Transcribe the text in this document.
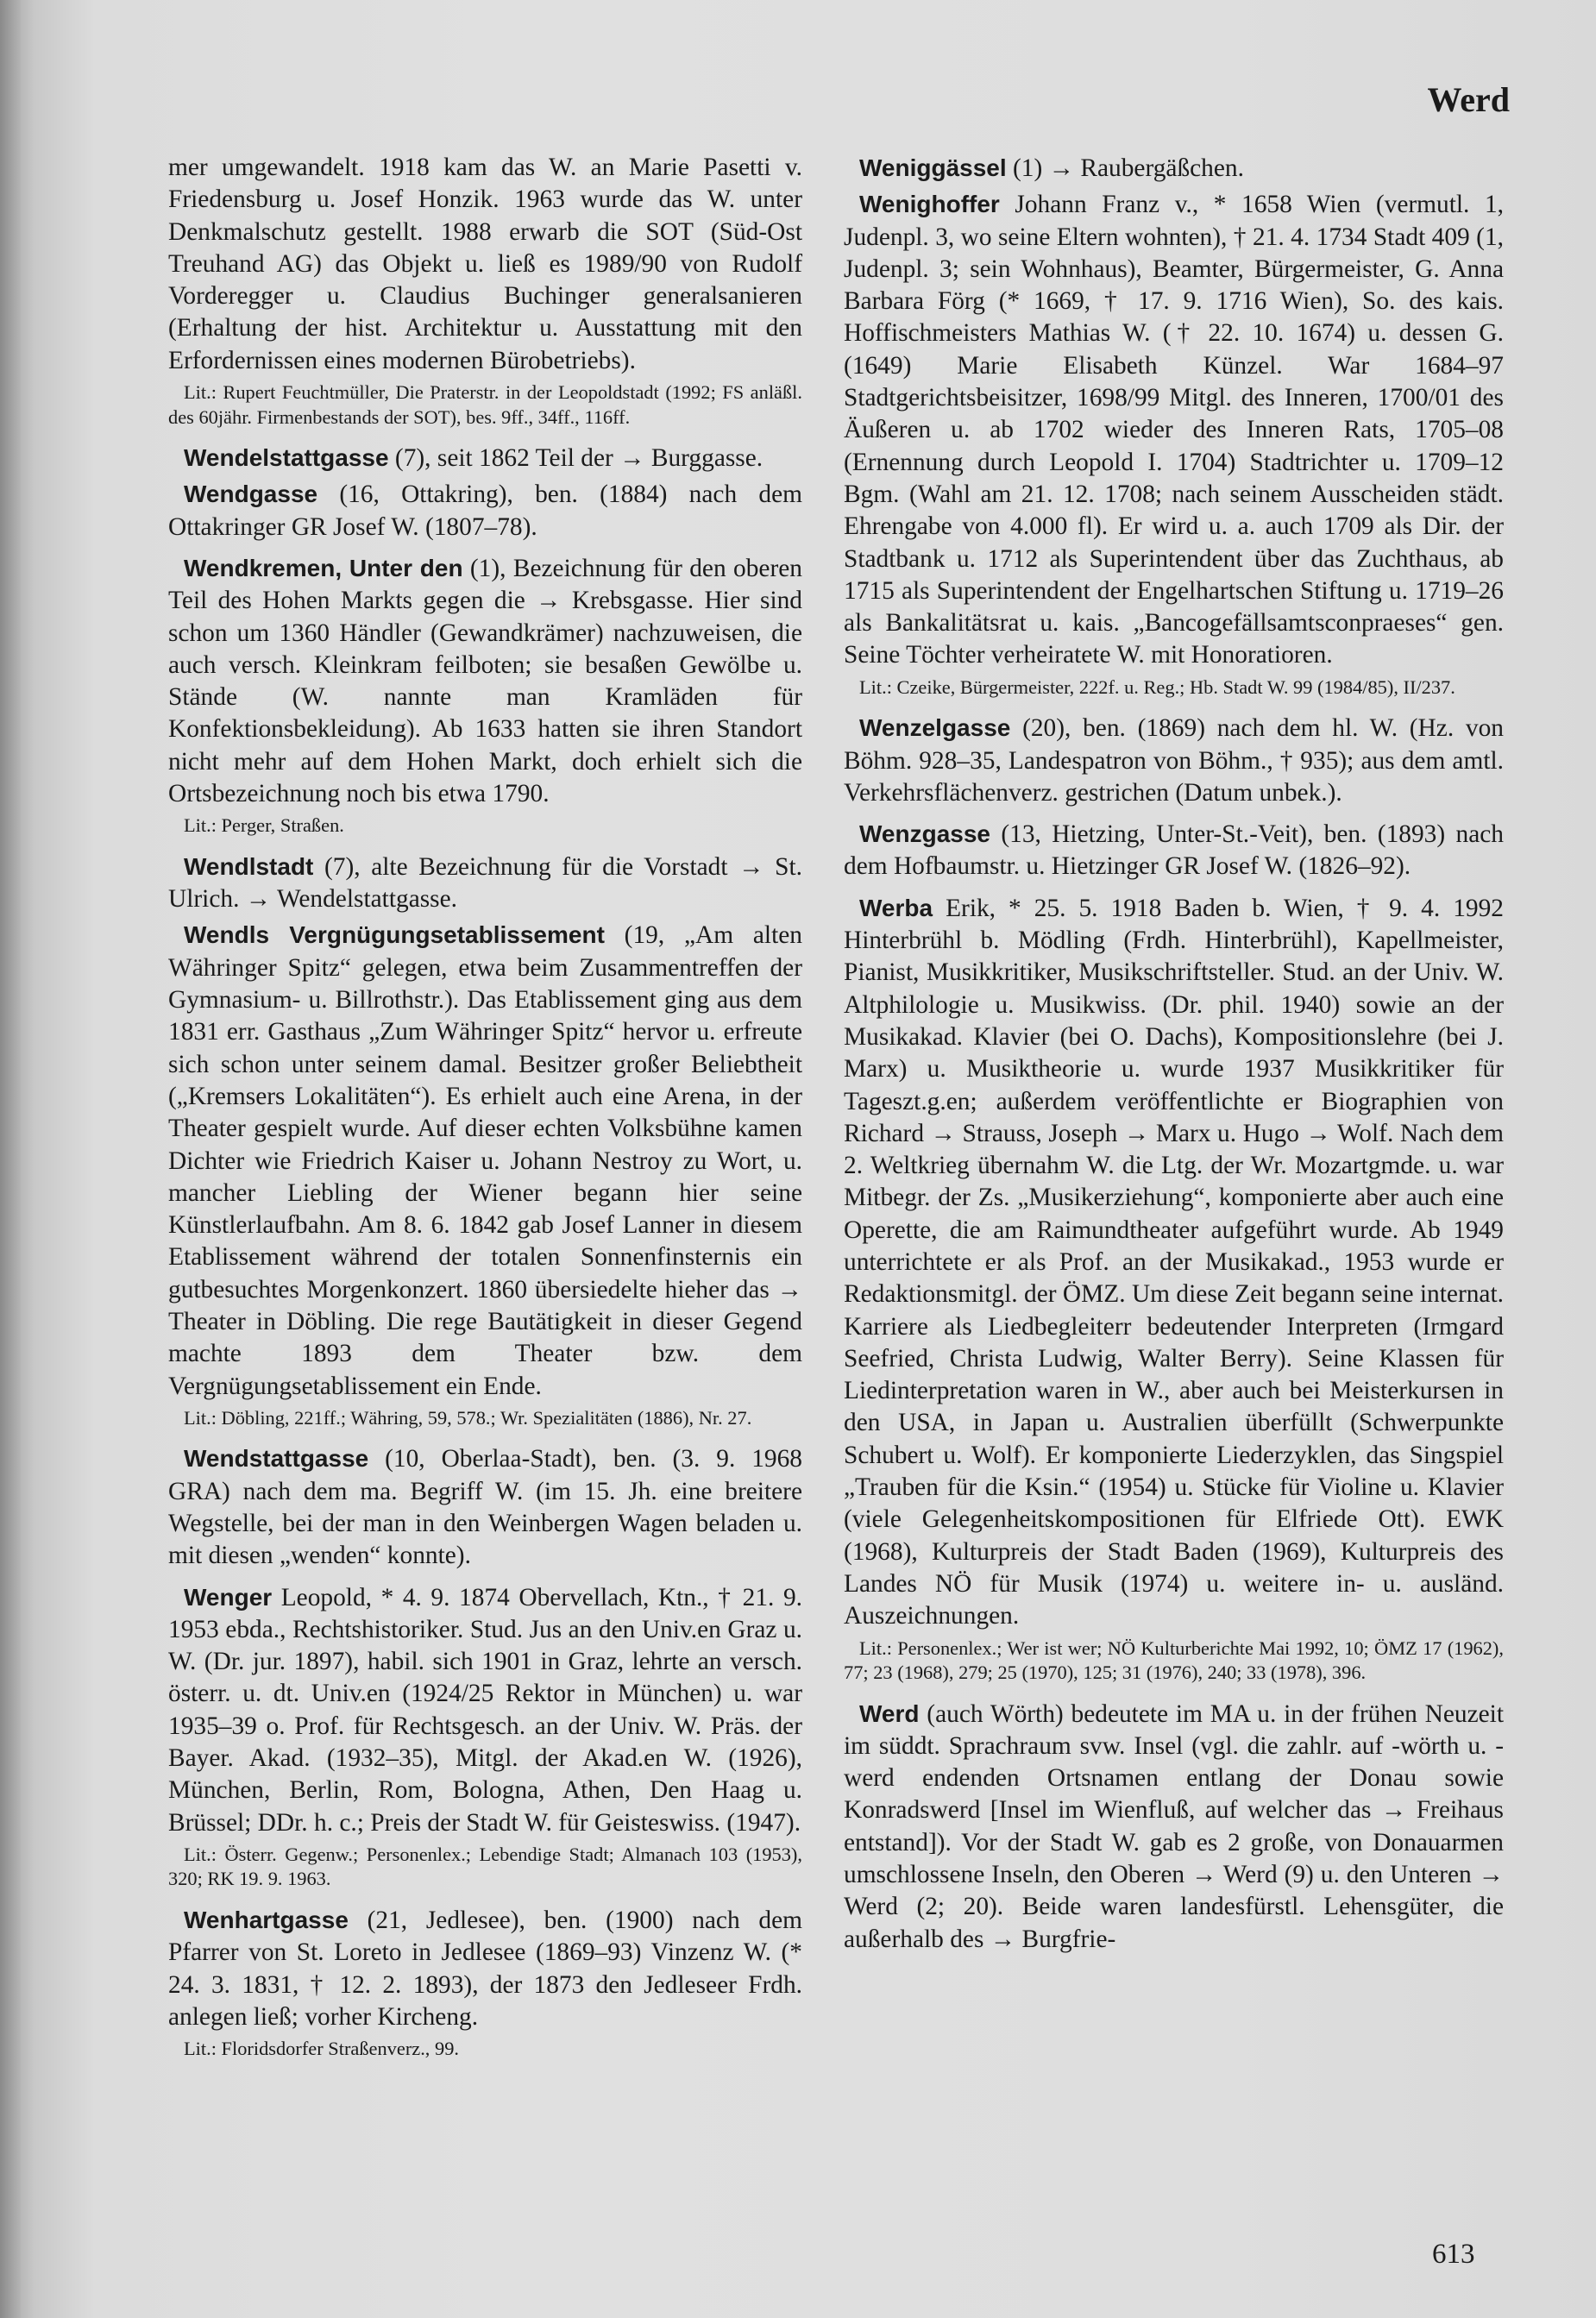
Werd

mer umgewandelt. 1918 kam das W. an Marie Pasetti v. Friedensburg u. Josef Honzik. 1963 wurde das W. unter Denkmalschutz gestellt. 1988 erwarb die SOT (Süd-Ost Treuhand AG) das Objekt u. ließ es 1989/90 von Rudolf Vorderegger u. Claudius Buchinger generalsanieren (Erhaltung der hist. Architektur u. Ausstattung mit den Erfordernissen eines modernen Bürobetriebs).

Lit.: Rupert Feuchtmüller, Die Praterstr. in der Leopoldstadt (1992; FS anläßl. des 60jähr. Firmenbestands der SOT), bes. 9ff., 34ff., 116ff.

Wendelstattgasse (7), seit 1862 Teil der → Burggasse.

Wendgasse (16, Ottakring), ben. (1884) nach dem Ottakringer GR Josef W. (1807–78).

Wendkremen, Unter den (1), Bezeichnung für den oberen Teil des Hohen Markts gegen die → Krebsgasse. Hier sind schon um 1360 Händler (Gewandkrämer) nachzuweisen, die auch versch. Kleinkram feilboten; sie besaßen Gewölbe u. Stände (W. nannte man Kramläden für Konfektionsbekleidung). Ab 1633 hatten sie ihren Standort nicht mehr auf dem Hohen Markt, doch erhielt sich die Ortsbezeichnung noch bis etwa 1790.

Lit.: Perger, Straßen.

Wendlstadt (7), alte Bezeichnung für die Vorstadt → St. Ulrich. → Wendelstattgasse.

Wendls Vergnügungsetablissement (19, „Am alten Währinger Spitz“ gelegen, etwa beim Zusammentreffen der Gymnasium- u. Billrothstr.). Das Etablissement ging aus dem 1831 err. Gasthaus „Zum Währinger Spitz“ hervor u. erfreute sich schon unter seinem damal. Besitzer großer Beliebtheit („Kremsers Lokalitäten“). Es erhielt auch eine Arena, in der Theater gespielt wurde. Auf dieser echten Volksbühne kamen Dichter wie Friedrich Kaiser u. Johann Nestroy zu Wort, u. mancher Liebling der Wiener begann hier seine Künstlerlaufbahn. Am 8. 6. 1842 gab Josef Lanner in diesem Etablissement während der totalen Sonnenfinsternis ein gutbesuchtes Morgenkonzert. 1860 übersiedelte hieher das → Theater in Döbling. Die rege Bautätigkeit in dieser Gegend machte 1893 dem Theater bzw. dem Vergnügungsetablissement ein Ende.

Lit.: Döbling, 221ff.; Währing, 59, 578.; Wr. Spezialitäten (1886), Nr. 27.

Wendstattgasse (10, Oberlaa-Stadt), ben. (3. 9. 1968 GRA) nach dem ma. Begriff W. (im 15. Jh. eine breitere Wegstelle, bei der man in den Weinbergen Wagen beladen u. mit diesen „wenden“ konnte).

Wenger Leopold, * 4. 9. 1874 Obervellach, Ktn., † 21. 9. 1953 ebda., Rechtshistoriker. Stud. Jus an den Univ.en Graz u. W. (Dr. jur. 1897), habil. sich 1901 in Graz, lehrte an versch. österr. u. dt. Univ.en (1924/25 Rektor in München) u. war 1935–39 o. Prof. für Rechtsgesch. an der Univ. W. Präs. der Bayer. Akad. (1932–35), Mitgl. der Akad.en W. (1926), München, Berlin, Rom, Bologna, Athen, Den Haag u. Brüssel; DDr. h. c.; Preis der Stadt W. für Geisteswiss. (1947).

Lit.: Österr. Gegenw.; Personenlex.; Lebendige Stadt; Almanach 103 (1953), 320; RK 19. 9. 1963.

Wenhartgasse (21, Jedlesee), ben. (1900) nach dem Pfarrer von St. Loreto in Jedlesee (1869–93) Vinzenz W. (* 24. 3. 1831, † 12. 2. 1893), der 1873 den Jedleseer Frdh. anlegen ließ; vorher Kircheng.

Lit.: Floridsdorfer Straßenverz., 99.

Weniggässel (1) → Raubergäßchen.

Wenighoffer Johann Franz v., * 1658 Wien (vermutl. 1, Judenpl. 3, wo seine Eltern wohnten), † 21. 4. 1734 Stadt 409 (1, Judenpl. 3; sein Wohnhaus), Beamter, Bürgermeister, G. Anna Barbara Förg (* 1669, † 17. 9. 1716 Wien), So. des kais. Hoffischmeisters Mathias W. († 22. 10. 1674) u. dessen G. (1649) Marie Elisabeth Künzel. War 1684–97 Stadtgerichtsbeisitzer, 1698/99 Mitgl. des Inneren, 1700/01 des Äußeren u. ab 1702 wieder des Inneren Rats, 1705–08 (Ernennung durch Leopold I. 1704) Stadtrichter u. 1709–12 Bgm. (Wahl am 21. 12. 1708; nach seinem Ausscheiden städt. Ehrengabe von 4.000 fl). Er wird u. a. auch 1709 als Dir. der Stadtbank u. 1712 als Superintendent über das Zuchthaus, ab 1715 als Superintendent der Engelhartschen Stiftung u. 1719–26 als Bankalitätsrat u. kais. „Bancogefällsamtsconpraeses“ gen. Seine Töchter verheiratete W. mit Honoratioren.

Lit.: Czeike, Bürgermeister, 222f. u. Reg.; Hb. Stadt W. 99 (1984/85), II/237.

Wenzelgasse (20), ben. (1869) nach dem hl. W. (Hz. von Böhm. 928–35, Landespatron von Böhm., † 935); aus dem amtl. Verkehrsflächenverz. gestrichen (Datum unbek.).

Wenzgasse (13, Hietzing, Unter-St.-Veit), ben. (1893) nach dem Hofbaumstr. u. Hietzinger GR Josef W. (1826–92).

Werba Erik, * 25. 5. 1918 Baden b. Wien, † 9. 4. 1992 Hinterbrühl b. Mödling (Frdh. Hinterbrühl), Kapellmeister, Pianist, Musikkritiker, Musikschriftsteller. Stud. an der Univ. W. Altphilologie u. Musikwiss. (Dr. phil. 1940) sowie an der Musikakad. Klavier (bei O. Dachs), Kompositionslehre (bei J. Marx) u. Musiktheorie u. wurde 1937 Musikkritiker für Tageszt.g.en; außerdem veröffentlichte er Biographien von Richard → Strauss, Joseph → Marx u. Hugo → Wolf. Nach dem 2. Weltkrieg übernahm W. die Ltg. der Wr. Mozartgmde. u. war Mitbegr. der Zs. „Musikerziehung“, komponierte aber auch eine Operette, die am Raimundtheater aufgeführt wurde. Ab 1949 unterrichtete er als Prof. an der Musikakad., 1953 wurde er Redaktionsmitgl. der ÖMZ. Um diese Zeit begann seine internat. Karriere als Liedbegleiterr bedeutender Interpreten (Irmgard Seefried, Christa Ludwig, Walter Berry). Seine Klassen für Liedinterpretation waren in W., aber auch bei Meisterkursen in den USA, in Japan u. Australien überfüllt (Schwerpunkte Schubert u. Wolf). Er komponierte Liederzyklen, das Singspiel „Trauben für die Ksin.“ (1954) u. Stücke für Violine u. Klavier (viele Gelegenheitskompositionen für Elfriede Ott). EWK (1968), Kulturpreis der Stadt Baden (1969), Kulturpreis des Landes NÖ für Musik (1974) u. weitere in- u. ausländ. Auszeichnungen.

Lit.: Personenlex.; Wer ist wer; NÖ Kulturberichte Mai 1992, 10; ÖMZ 17 (1962), 77; 23 (1968), 279; 25 (1970), 125; 31 (1976), 240; 33 (1978), 396.

Werd (auch Wörth) bedeutete im MA u. in der frühen Neuzeit im süddt. Sprachraum svw. Insel (vgl. die zahlr. auf -wörth u. -werd endenden Ortsnamen entlang der Donau sowie Konradswerd [Insel im Wienfluß, auf welcher das → Freihaus entstand]). Vor der Stadt W. gab es 2 große, von Donauarmen umschlossene Inseln, den Oberen → Werd (9) u. den Unteren → Werd (2; 20). Beide waren landesfürstl. Lehensgüter, die außerhalb des → Burgfrie-

613
